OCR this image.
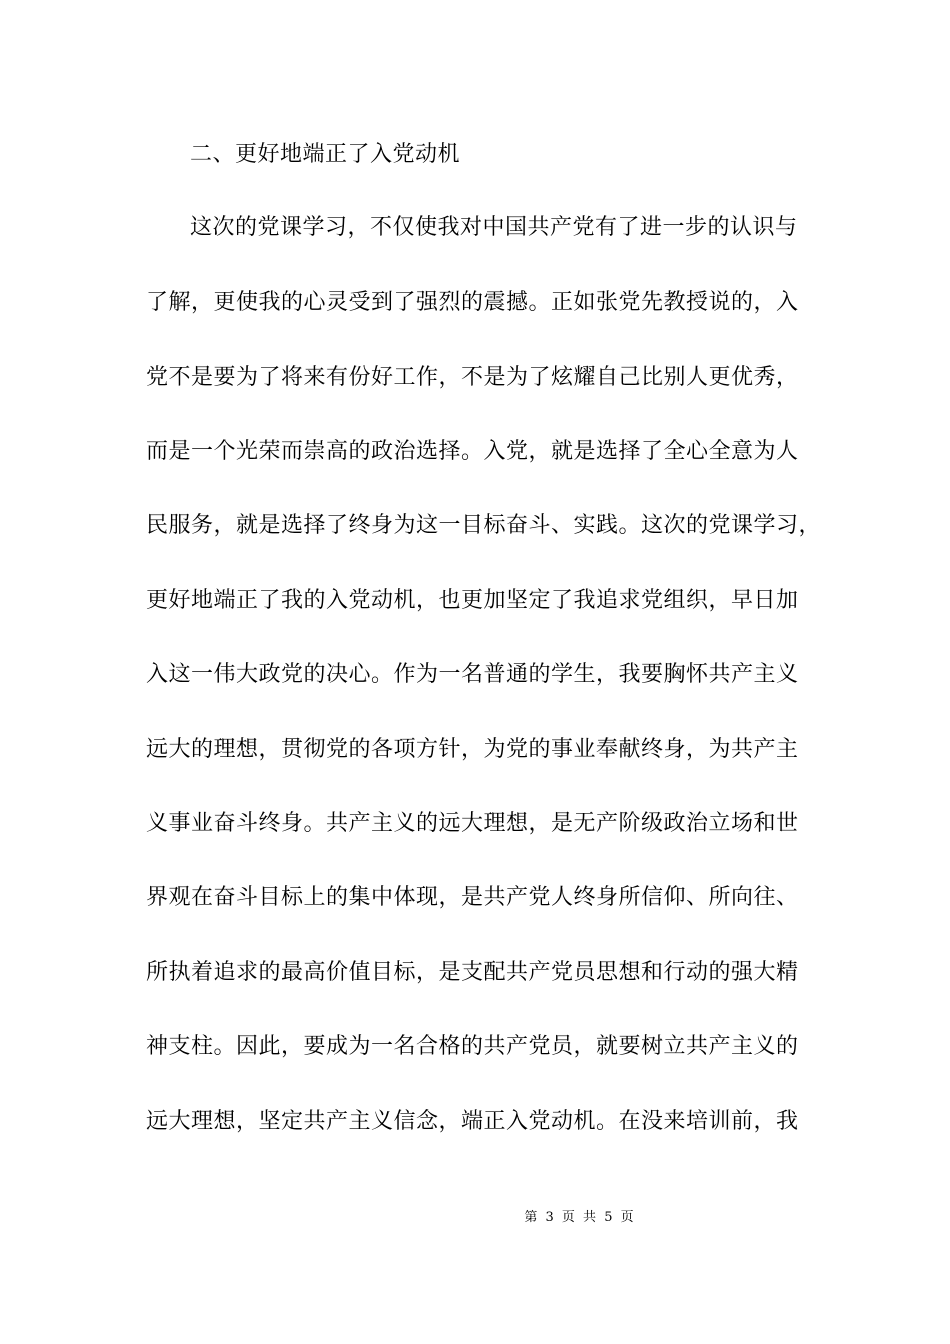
二、更好地端正了入党动机
这次的党课学习，不仅使我对中国共产党有了进一步的认识与
了解，更使我的心灵受到了强烈的震撼。正如张党先教授说的，入
党不是要为了将来有份好工作，不是为了炫耀自己比别人更优秀，
而是一个光荣而崇高的政治选择。入党，就是选择了全心全意为人
民服务，就是选择了终身为这一目标奋斗、实践。这次的党课学习，
更好地端正了我的入党动机，也更加坚定了我追求党组织，早日加
入这一伟大政党的决心。作为一名普通的学生，我要胸怀共产主义
远大的理想，贯彻党的各项方针，为党的事业奉献终身，为共产主
义事业奋斗终身。共产主义的远大理想，是无产阶级政治立场和世
界观在奋斗目标上的集中体现，是共产党人终身所信仰、所向往、
所执着追求的最高价值目标，是支配共产党员思想和行动的强大精
神支柱。因此，要成为一名合格的共产党员，就要树立共产主义的
远大理想，坚定共产主义信念，端正入党动机。在没来培训前，我
第 3 页 共 5 页
